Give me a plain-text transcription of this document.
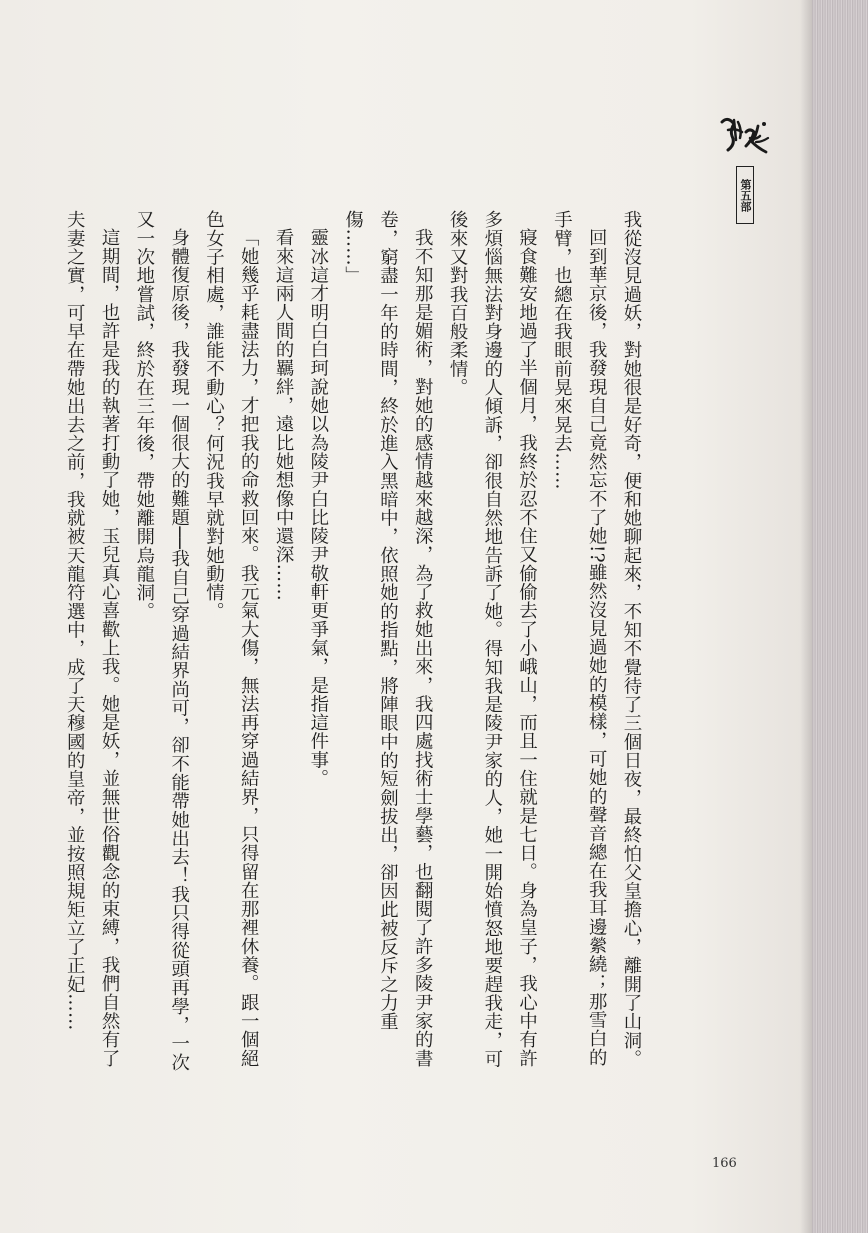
第五部

我從沒見過妖，對她很是好奇，便和她聊起來，不知不覺待了三個日夜，最終怕父皇擔心，離開了山洞。

回到華京後，我發現自己竟然忘不了她!?雖然沒見過她的模樣，可她的聲音總在我耳邊縈繞；那雪白的手臂，也總在我眼前晃來晃去……

寢食難安地過了半個月，我終於忍不住又偷偷去了小峨山，而且一住就是七日。身為皇子，我心中有許多煩惱無法對身邊的人傾訴，卻很自然地告訴了她。得知我是陵尹家的人，她一開始憤怒地要趕我走，可後來又對我百般柔情。

我不知那是媚術，對她的感情越來越深，為了救她出來，我四處找術士學藝，也翻閱了許多陵尹家的書卷，窮盡一年的時間，終於進入黑暗中，依照她的指點，將陣眼中的短劍拔出，卻因此被反斥之力重傷……」

靈冰這才明白白珂說她以為陵尹白比陵尹敬軒更爭氣，是指這件事。

看來這兩人間的羈絆，遠比她想像中還深……

「她幾乎耗盡法力，才把我的命救回來。我元氣大傷，無法再穿過結界，只得留在那裡休養。跟一個絕色女子相處，誰能不動心？何況我早就對她動情。

身體復原後，我發現一個很大的難題──我自己穿過結界尚可，卻不能帶她出去！我只得從頭再學，一次又一次地嘗試，終於在三年後，帶她離開烏龍洞。

這期間，也許是我的執著打動了她，玉兒真心喜歡上我。她是妖，並無世俗觀念的束縛，我們自然有了夫妻之實，可早在帶她出去之前，我就被天龍符選中，成了天穆國的皇帝，並按照規矩立了正妃……

166
